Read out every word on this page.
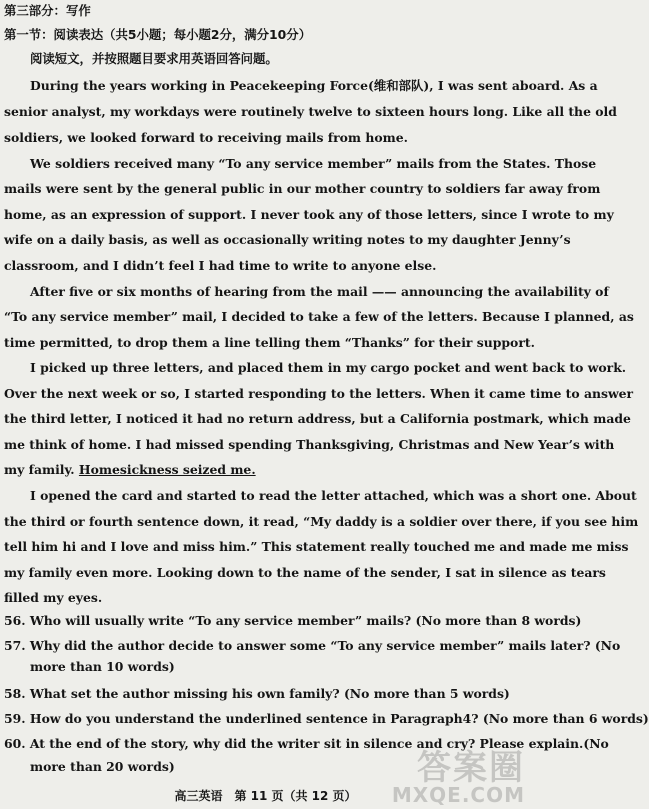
第三部分：写作
第一节：阅读表达（共5小题；每小题2分，满分10分）
阅读短文，并按照题目要求用英语回答问题。
During the years working in Peacekeeping Force(维和部队), I was sent aboard. As a
senior analyst, my workdays were routinely twelve to sixteen hours long. Like all the old
soldiers, we looked forward to receiving mails from home.
We soldiers received many “To any service member” mails from the States. Those
mails were sent by the general public in our mother country to soldiers far away from
home, as an expression of support. I never took any of those letters, since I wrote to my
wife on a daily basis, as well as occasionally writing notes to my daughter Jenny’s
classroom, and I didn’t feel I had time to write to anyone else.
After five or six months of hearing from the mail —— announcing the availability of
“To any service member” mail, I decided to take a few of the letters. Because I planned, as
time permitted, to drop them a line telling them “Thanks” for their support.
I picked up three letters, and placed them in my cargo pocket and went back to work.
Over the next week or so, I started responding to the letters. When it came time to answer
the third letter, I noticed it had no return address, but a California postmark, which made
me think of home. I had missed spending Thanksgiving, Christmas and New Year’s with
my family. Homesickness seized me.
I opened the card and started to read the letter attached, which was a short one. About
the third or fourth sentence down, it read, “My daddy is a soldier over there, if you see him
tell him hi and I love and miss him.” This statement really touched me and made me miss
my family even more. Looking down to the name of the sender, I sat in silence as tears
filled my eyes.
56. Who will usually write “To any service member” mails? (No more than 8 words)
57. Why did the author decide to answer some “To any service member” mails later? (No
more than 10 words)
58. What set the author missing his own family? (No more than 5 words)
59. How do you understand the underlined sentence in Paragraph4? (No more than 6 words)
60. At the end of the story, why did the writer sit in silence and cry? Please explain.(No
more than 20 words)
高三英语　第 11 页（共 12 页）
答案圈
MXQE.COM
